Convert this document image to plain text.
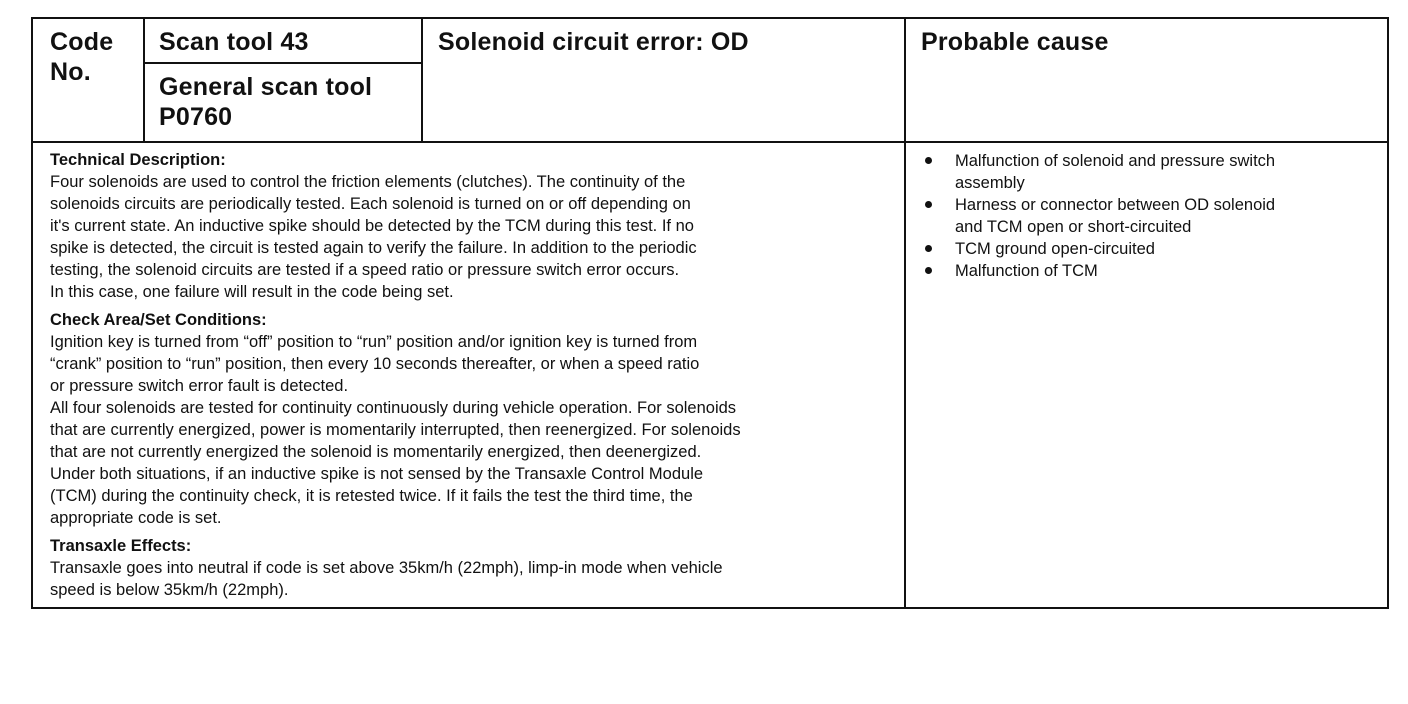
Code
No.
Scan tool 43
General scan tool
P0760
Solenoid circuit error: OD	Probable cause
Technical Description:

Four solenoids are used to control the friction elements (clutches). The continuity of the

solenoids circuits are periodically tested. Each solenoid is turned on or off depending on

it's current state. An inductive spike should be detected by the TCM during this test. If no

spike is detected, the circuit is tested again to verify the failure. In addition to the periodic

testing, the solenoid circuits are tested if a speed ratio or pressure switch error occurs.

In this case, one failure will result in the code being set.

Check Area/Set Conditions:

Ignition key is turned from “off” position to “run” position and/or ignition key is turned from

“crank” position to “run” position, then every 10 seconds thereafter, or when a speed ratio

or pressure switch error fault is detected.

All four solenoids are tested for continuity continuously during vehicle operation. For solenoids

that are currently energized, power is momentarily interrupted, then reenergized. For solenoids

that are not currently energized the solenoid is momentarily energized, then deenergized.

Under both situations, if an inductive spike is not sensed by the Transaxle Control Module

(TCM) during the continuity check, it is retested twice. If it fails the test the third time, the

appropriate code is set.

Transaxle Effects:

Transaxle goes into neutral if code is set above 35km/h (22mph), limp-in mode when vehicle

speed is below 35km/h (22mph).

Malfunction of solenoid and pressure switch
assembly
Harness or connector between OD solenoid
and TCM open or short-circuited
TCM ground open-circuited
Malfunction of TCM
